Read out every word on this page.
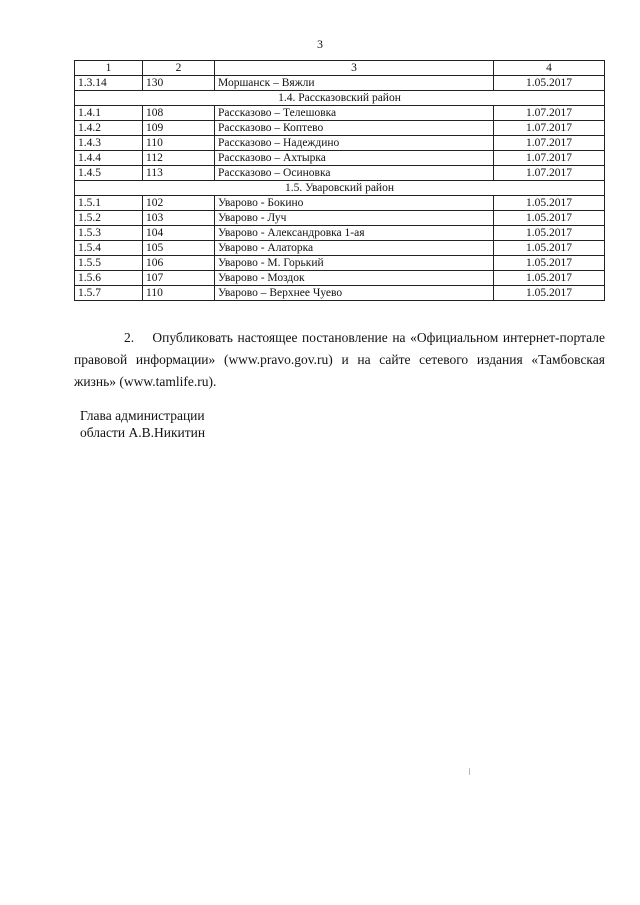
3
1	2	3	4
1.3.14	130	Моршанск – Вяжли	1.05.2017
1.4. Рассказовский район			
1.4.1	108	Рассказово – Телешовка	1.07.2017
1.4.2	109	Рассказово – Коптево	1.07.2017
1.4.3	110	Рассказово – Надеждино	1.07.2017
1.4.4	112	Рассказово – Ахтырка	1.07.2017
1.4.5	113	Рассказово – Осиновка	1.07.2017
1.5. Уваровский район			
1.5.1	102	Уварово - Бокино	1.05.2017
1.5.2	103	Уварово - Луч	1.05.2017
1.5.3	104	Уварово - Александровка 1-ая	1.05.2017
1.5.4	105	Уварово - Алаторка	1.05.2017
1.5.5	106	Уварово - М. Горький	1.05.2017
1.5.6	107	Уварово - Моздок	1.05.2017
1.5.7	110	Уварово – Верхнее Чуево	1.05.2017
2.    Опубликовать настоящее постановление на «Официальном интернет-портале правовой информации» (www.pravo.gov.ru) и на сайте сетевого издания «Тамбовская жизнь» (www.tamlife.ru).
Глава администрации
области А.В.Никитин
